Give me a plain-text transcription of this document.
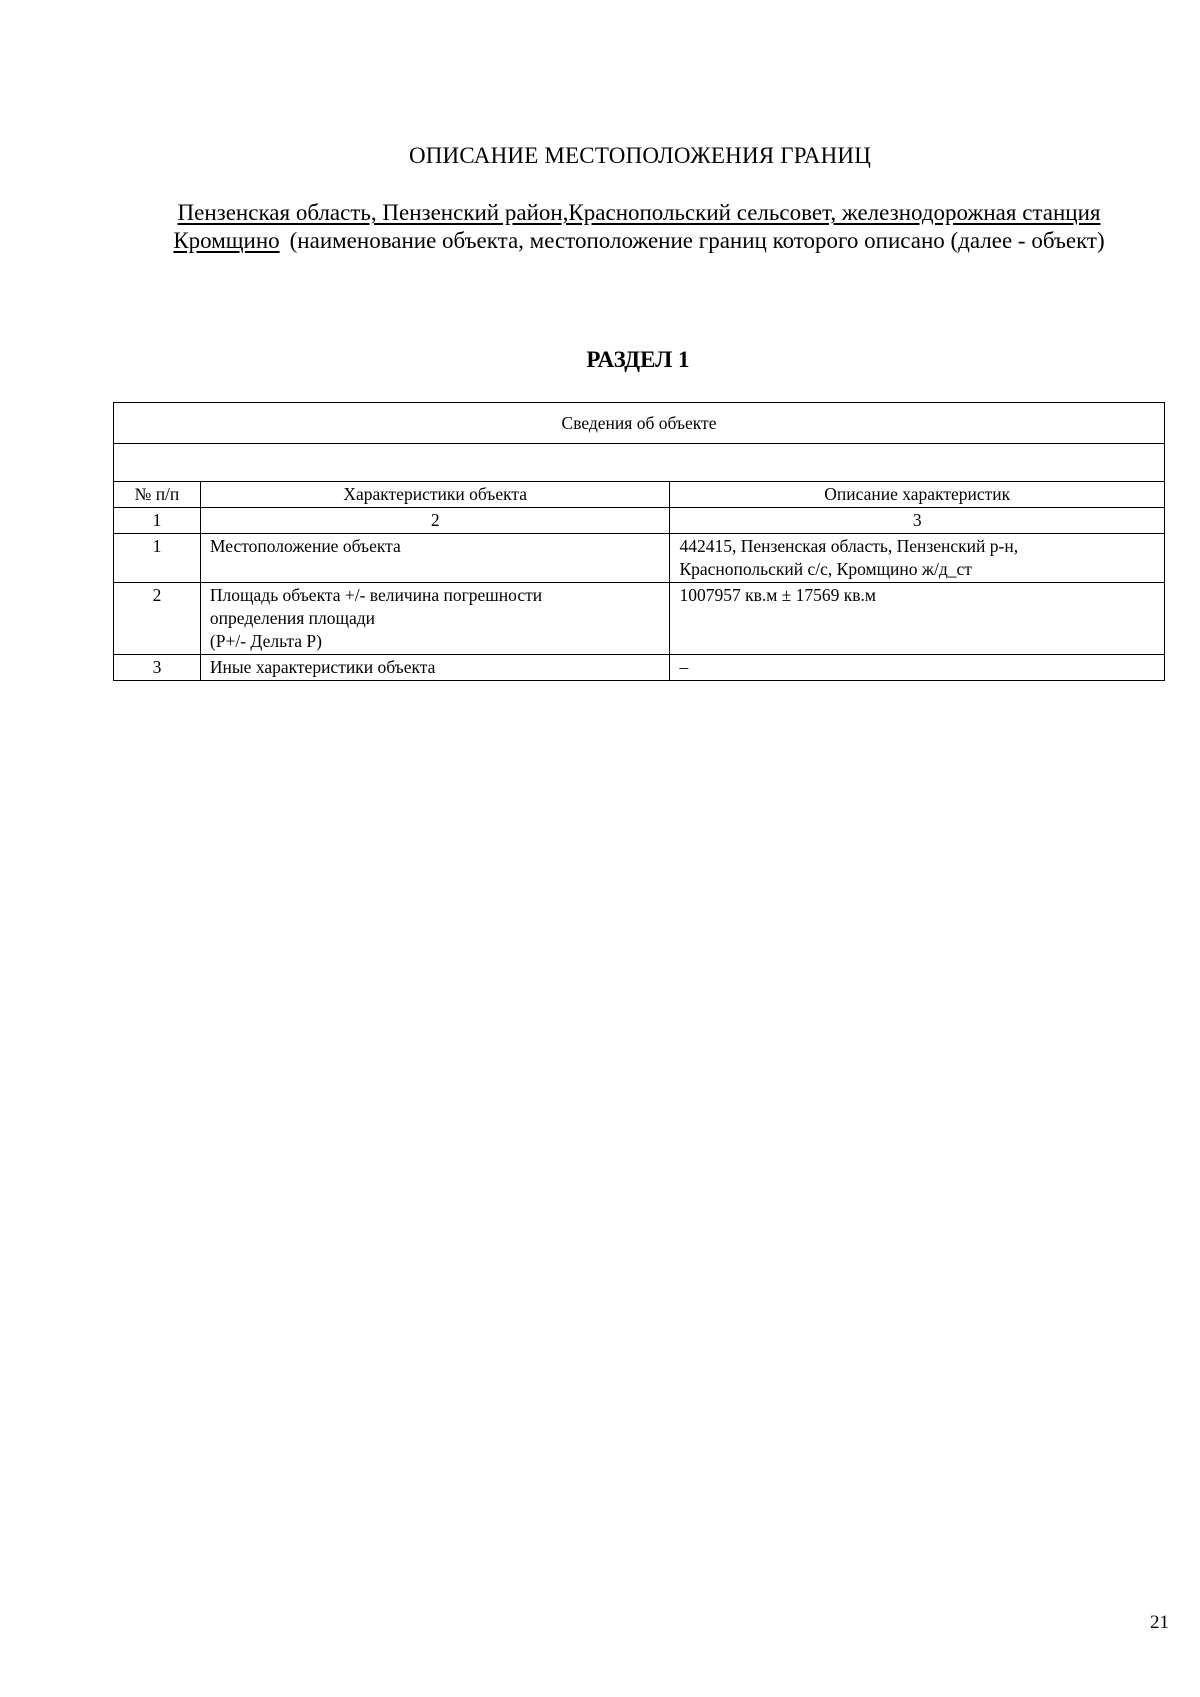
ОПИСАНИЕ МЕСТОПОЛОЖЕНИЯ ГРАНИЦ
Пензенская область, Пензенский район,Краснопольский сельсовет, железнодорожная станция Кромщино (наименование объекта, местоположение границ которого описано (далее - объект)
РАЗДЕЛ 1
Сведения об объекте		

№ п/п	Характеристики объекта	Описание характеристик
1	2	3
1	Местоположение объекта	442415, Пензенская область, Пензенский р-н,
Краснопольский с/с, Кромщино ж/д_ст

2	Площадь объекта +/- величина погрешности
определения площади
(Р+/- Дельта Р)	1007957 кв.м ± 17569 кв.м
3	Иные характеристики объекта	–
21
